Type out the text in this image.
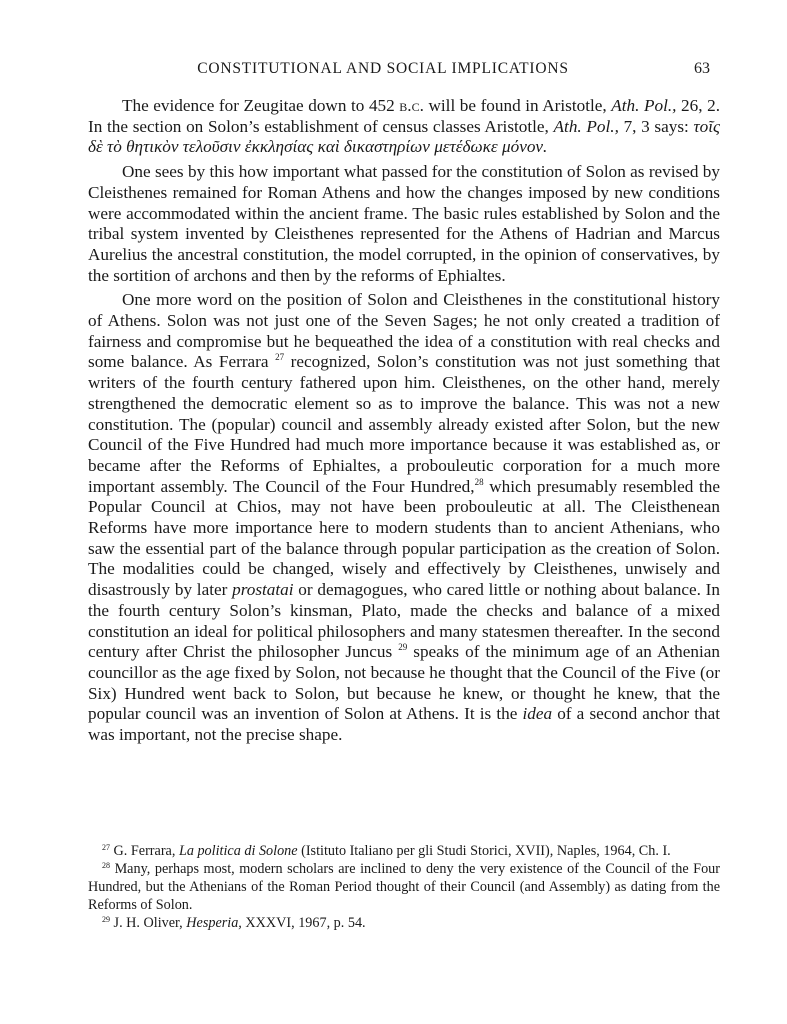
CONSTITUTIONAL AND SOCIAL IMPLICATIONS	63

The evidence for Zeugitae down to 452 b.c. will be found in Aristotle, Ath. Pol., 26, 2. In the section on Solon’s establishment of census classes Aristotle, Ath. Pol., 7, 3 says: τοῖς δὲ τὸ θητικὸν τελοῦσιν ἐκκλησίας καὶ δικαστηρίων μετέδωκε μόνον.

One sees by this how important what passed for the constitution of Solon as revised by Cleisthenes remained for Roman Athens and how the changes imposed by new conditions were accommodated within the ancient frame. The basic rules established by Solon and the tribal system invented by Cleisthenes represented for the Athens of Hadrian and Marcus Aurelius the ancestral constitution, the model corrupted, in the opinion of conservatives, by the sortition of archons and then by the reforms of Ephialtes.

One more word on the position of Solon and Cleisthenes in the constitutional history of Athens. Solon was not just one of the Seven Sages; he not only created a tradition of fairness and compromise but he bequeathed the idea of a constitution with real checks and some balance. As Ferrara $^{27}$ recognized, Solon’s constitution was not just something that writers of the fourth century fathered upon him. Cleisthenes, on the other hand, merely strengthened the democratic element so as to improve the balance. This was not a new constitution. The (popular) council and assembly already existed after Solon, but the new Council of the Five Hundred had much more importance because it was established as, or became after the Reforms of Ephialtes, a probouleutic corporation for a much more important assembly. The Council of the Four Hundred,$^{28}$ which presumably resembled the Popular Council at Chios, may not have been probouleutic at all. The Cleisthenean Reforms have more importance here to modern students than to ancient Athenians, who saw the essential part of the balance through popular participation as the creation of Solon. The modalities could be changed, wisely and effectively by Cleisthenes, unwisely and disastrously by later prostatai or demagogues, who cared little or nothing about balance. In the fourth century Solon’s kinsman, Plato, made the checks and balance of a mixed constitution an ideal for political philosophers and many statesmen thereafter. In the second century after Christ the philosopher Juncus $^{29}$ speaks of the minimum age of an Athenian councillor as the age fixed by Solon, not because he thought that the Council of the Five (or Six) Hundred went back to Solon, but because he knew, or thought he knew, that the popular council was an invention of Solon at Athens. It is the idea of a second anchor that was important, not the precise shape.

$^{27}$ G. Ferrara, La politica di Solone (Istituto Italiano per gli Studi Storici, XVII), Naples, 1964, Ch. I.

$^{28}$ Many, perhaps most, modern scholars are inclined to deny the very existence of the Council of the Four Hundred, but the Athenians of the Roman Period thought of their Council (and Assembly) as dating from the Reforms of Solon.

$^{29}$ J. H. Oliver, Hesperia, XXXVI, 1967, p. 54.
